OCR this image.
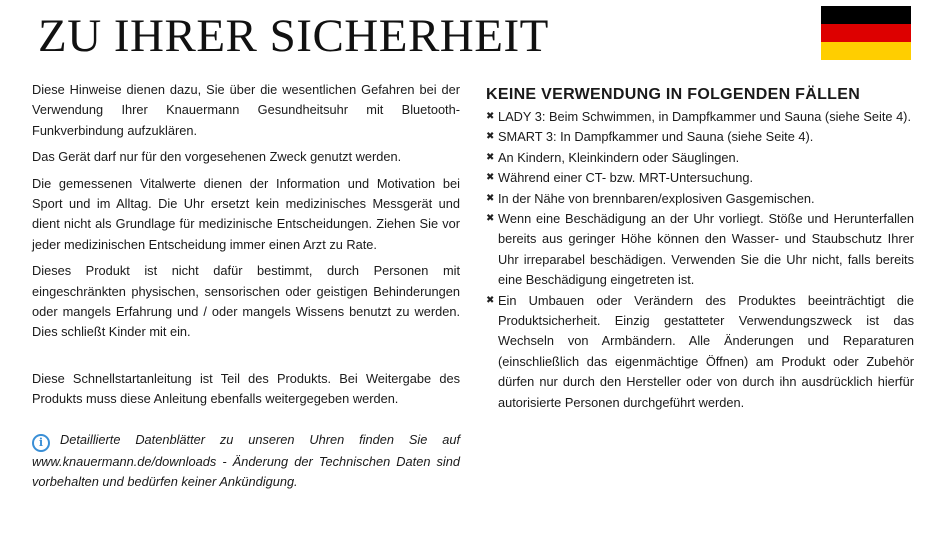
ZU IHRER SICHERHEIT

Diese Hinweise dienen dazu, Sie über die wesentlichen Gefahren bei der Verwendung Ihrer Knauermann Gesundheitsuhr mit Bluetooth-Funkverbindung aufzuklären.

Das Gerät darf nur für den vorgesehenen Zweck genutzt werden.

Die gemessenen Vitalwerte dienen der Information und Motivation bei Sport und im Alltag. Die Uhr ersetzt kein medizinisches Messgerät und dient nicht als Grundlage für medizinische Entscheidungen. Ziehen Sie vor jeder medizinischen Entscheidung immer einen Arzt zu Rate.

Dieses Produkt ist nicht dafür bestimmt, durch Personen mit eingeschränkten physischen, sensorischen oder geistigen Behinderungen oder mangels Erfahrung und / oder mangels Wissens benutzt zu werden. Dies schließt Kinder mit ein.

Diese Schnellstartanleitung ist Teil des Produkts. Bei Weitergabe des Produkts muss diese Anleitung ebenfalls weitergegeben werden.

i Detaillierte Datenblätter zu unseren Uhren finden Sie auf www.knauermann.de/downloads - Änderung der Technischen Daten sind vorbehalten und bedürfen keiner Ankündigung.
KEINE VERWENDUNG IN FOLGENDEN FÄLLEN
✖ LADY 3: Beim Schwimmen, in Dampfkammer und Sauna (siehe Seite 4).
✖ SMART 3: In Dampfkammer und Sauna (siehe Seite 4).
✖ An Kindern, Kleinkindern oder Säuglingen.
✖ Während einer CT- bzw. MRT-Untersuchung.
✖ In der Nähe von brennbaren/explosiven Gasgemischen.
✖ Wenn eine Beschädigung an der Uhr vorliegt. Stöße und Herunterfallen bereits aus geringer Höhe können den Wasser- und Staubschutz Ihrer Uhr irreparabel beschädigen. Verwenden Sie die Uhr nicht, falls bereits eine Beschädigung eingetreten ist.
✖ Ein Umbauen oder Verändern des Produktes beeinträchtigt die Produktsicherheit. Einzig gestatteter Verwendungszweck ist das Wechseln von Armbändern. Alle Änderungen und Reparaturen (einschließlich das eigenmächtige Öffnen) am Produkt oder Zubehör dürfen nur durch den Hersteller oder von durch ihn ausdrücklich hierfür autorisierte Personen durchgeführt werden.
